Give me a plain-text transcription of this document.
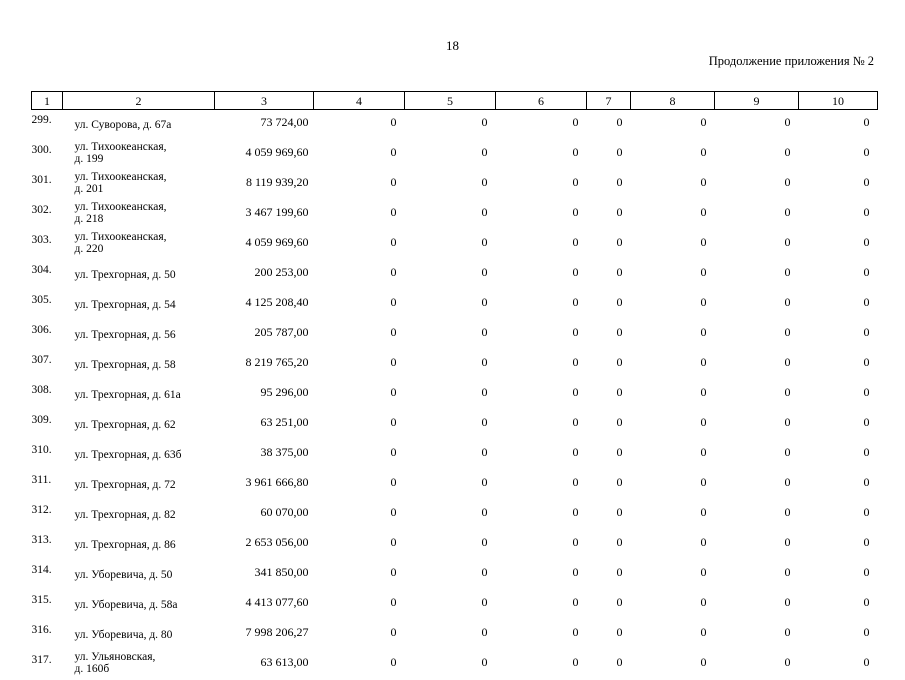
18
Продолжение приложения № 2
1	2	3	4	5	6	7	8	9	10
299.	ул. Суворова, д. 67а	73 724,00	0	0	0	0	0	0	0
300.	ул. Тихоокеанская,
д. 199	4 059 969,60	0	0	0	0	0	0	0
301.	ул. Тихоокеанская,
д. 201	8 119 939,20	0	0	0	0	0	0	0
302.	ул. Тихоокеанская,
д. 218	3 467 199,60	0	0	0	0	0	0	0
303.	ул. Тихоокеанская,
д. 220	4 059 969,60	0	0	0	0	0	0	0
304.	ул. Трехгорная, д. 50	200 253,00	0	0	0	0	0	0	0
305.	ул. Трехгорная, д. 54	4 125 208,40	0	0	0	0	0	0	0
306.	ул. Трехгорная, д. 56	205 787,00	0	0	0	0	0	0	0
307.	ул. Трехгорная, д. 58	8 219 765,20	0	0	0	0	0	0	0
308.	ул. Трехгорная, д. 61а	95 296,00	0	0	0	0	0	0	0
309.	ул. Трехгорная, д. 62	63 251,00	0	0	0	0	0	0	0
310.	ул. Трехгорная, д. 63б	38 375,00	0	0	0	0	0	0	0
311.	ул. Трехгорная, д. 72	3 961 666,80	0	0	0	0	0	0	0
312.	ул. Трехгорная, д. 82	60 070,00	0	0	0	0	0	0	0
313.	ул. Трехгорная, д. 86	2 653 056,00	0	0	0	0	0	0	0
314.	ул. Уборевича, д. 50	341 850,00	0	0	0	0	0	0	0
315.	ул. Уборевича, д. 58а	4 413 077,60	0	0	0	0	0	0	0
316.	ул. Уборевича, д. 80	7 998 206,27	0	0	0	0	0	0	0
317.	ул. Ульяновская,
д. 160б	63 613,00	0	0	0	0	0	0	0
